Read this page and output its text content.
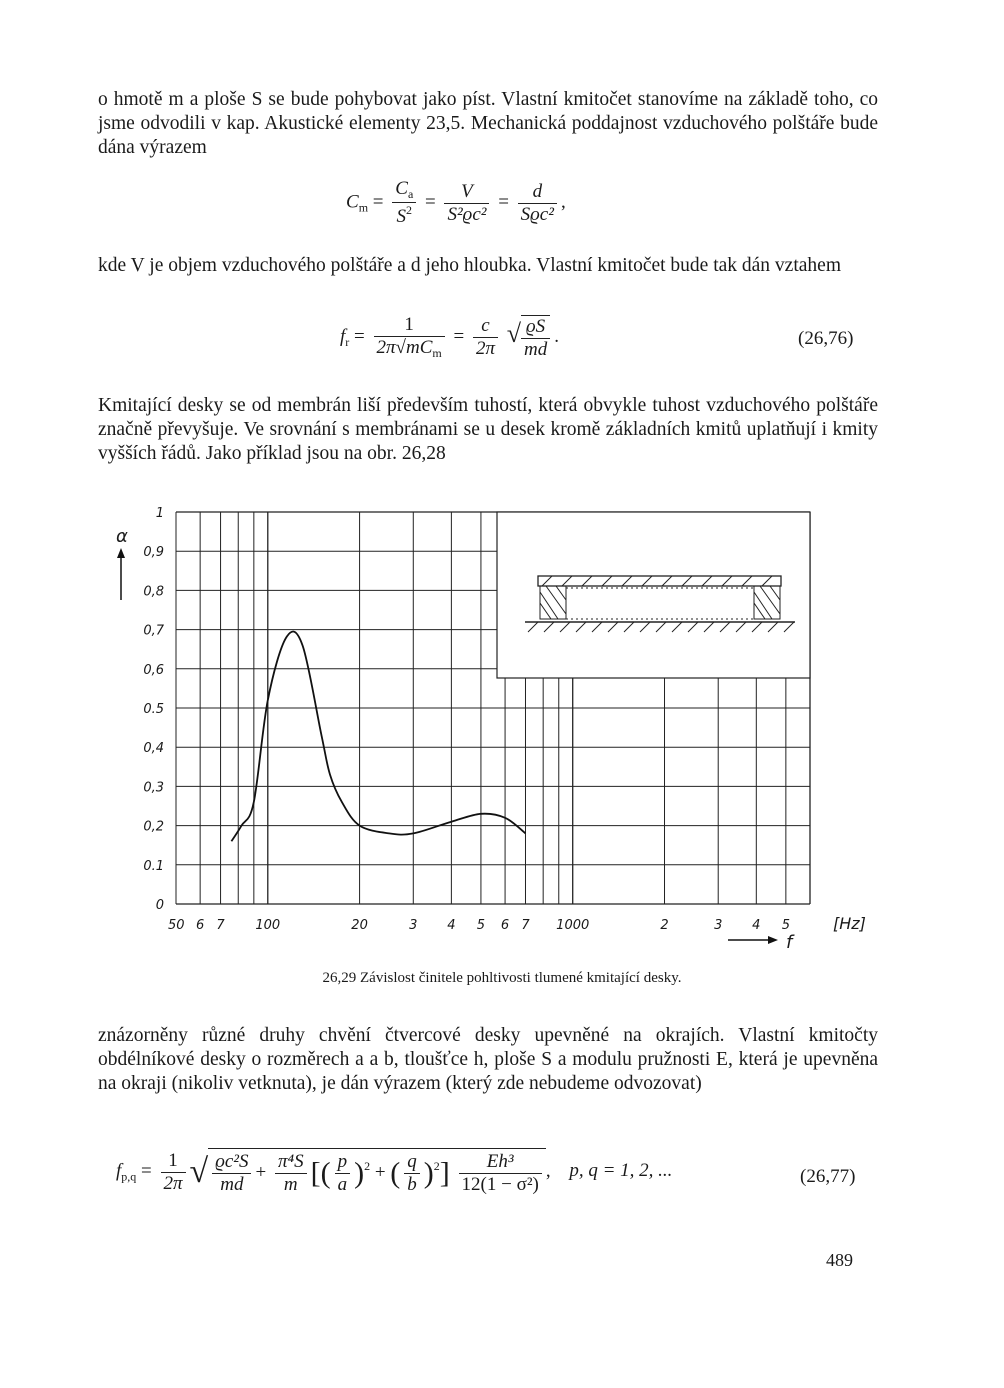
o hmotě m a ploše S se bude pohybovat jako píst. Vlastní kmitočet stanovíme na základě toho, co jsme odvodili v kap. Akustické elementy 23,5. Mechanická poddajnost vzduchového polštáře bude dána výrazem

$C_m = \frac{C_a}{S^2} = \frac{V}{\text{S²ϱc²}} = \frac{d}{\text{Sϱc²}}$ ,

kde V je objem vzduchového polštáře a d jeho hloubka. Vlastní kmitočet bude tak dán vztahem

$f_r = \frac{1}{2\pi√mC_m} = \frac{c}{2\pi}$ √ $\frac{ϱS}{md}$ .	(26,76)

Kmitající desky se od membrán liší především tuhostí, která obvykle tuhost vzduchového polštáře značně převyšuje. Ve srovnání s membránami se u desek kromě základních kmitů uplatňují i kmity vyšších řádů. Jako příklad jsou na obr. 26,28

0
0.1
0,2
0,3
0,4
0.5
0,6
0,7
0,8
0,9
1
50 6 7 100	20	3 4 5 6 7 1000	2	3 4 5
α
[Hz]
f
26,29 Závislost činitele pohltivosti tlumené kmitající desky.

znázorněny různé druhy chvění čtvercové desky upevněné na okrajích. Vlastní kmitočty obdélníkové desky o rozměrech a a b, tloušťce h, ploše S a modulu pružnosti E, která je upevněna na okraji (nikoliv vetknuta), je dán výrazem (který zde nebudeme odvozovat)

$f_{p,q} = \frac{1}{2\pi}$ √ $\frac{\text{ϱc²S}}{md} + \frac{\text{π⁴S}}{m}$ [( $\frac{p}{a} )^2$ + ( $\frac{q}{b} )^2] \frac{\text{Eh³}}{\text{12(1 − σ²)}}$ , p, q = 1, 2, ...	(26,77)
489
